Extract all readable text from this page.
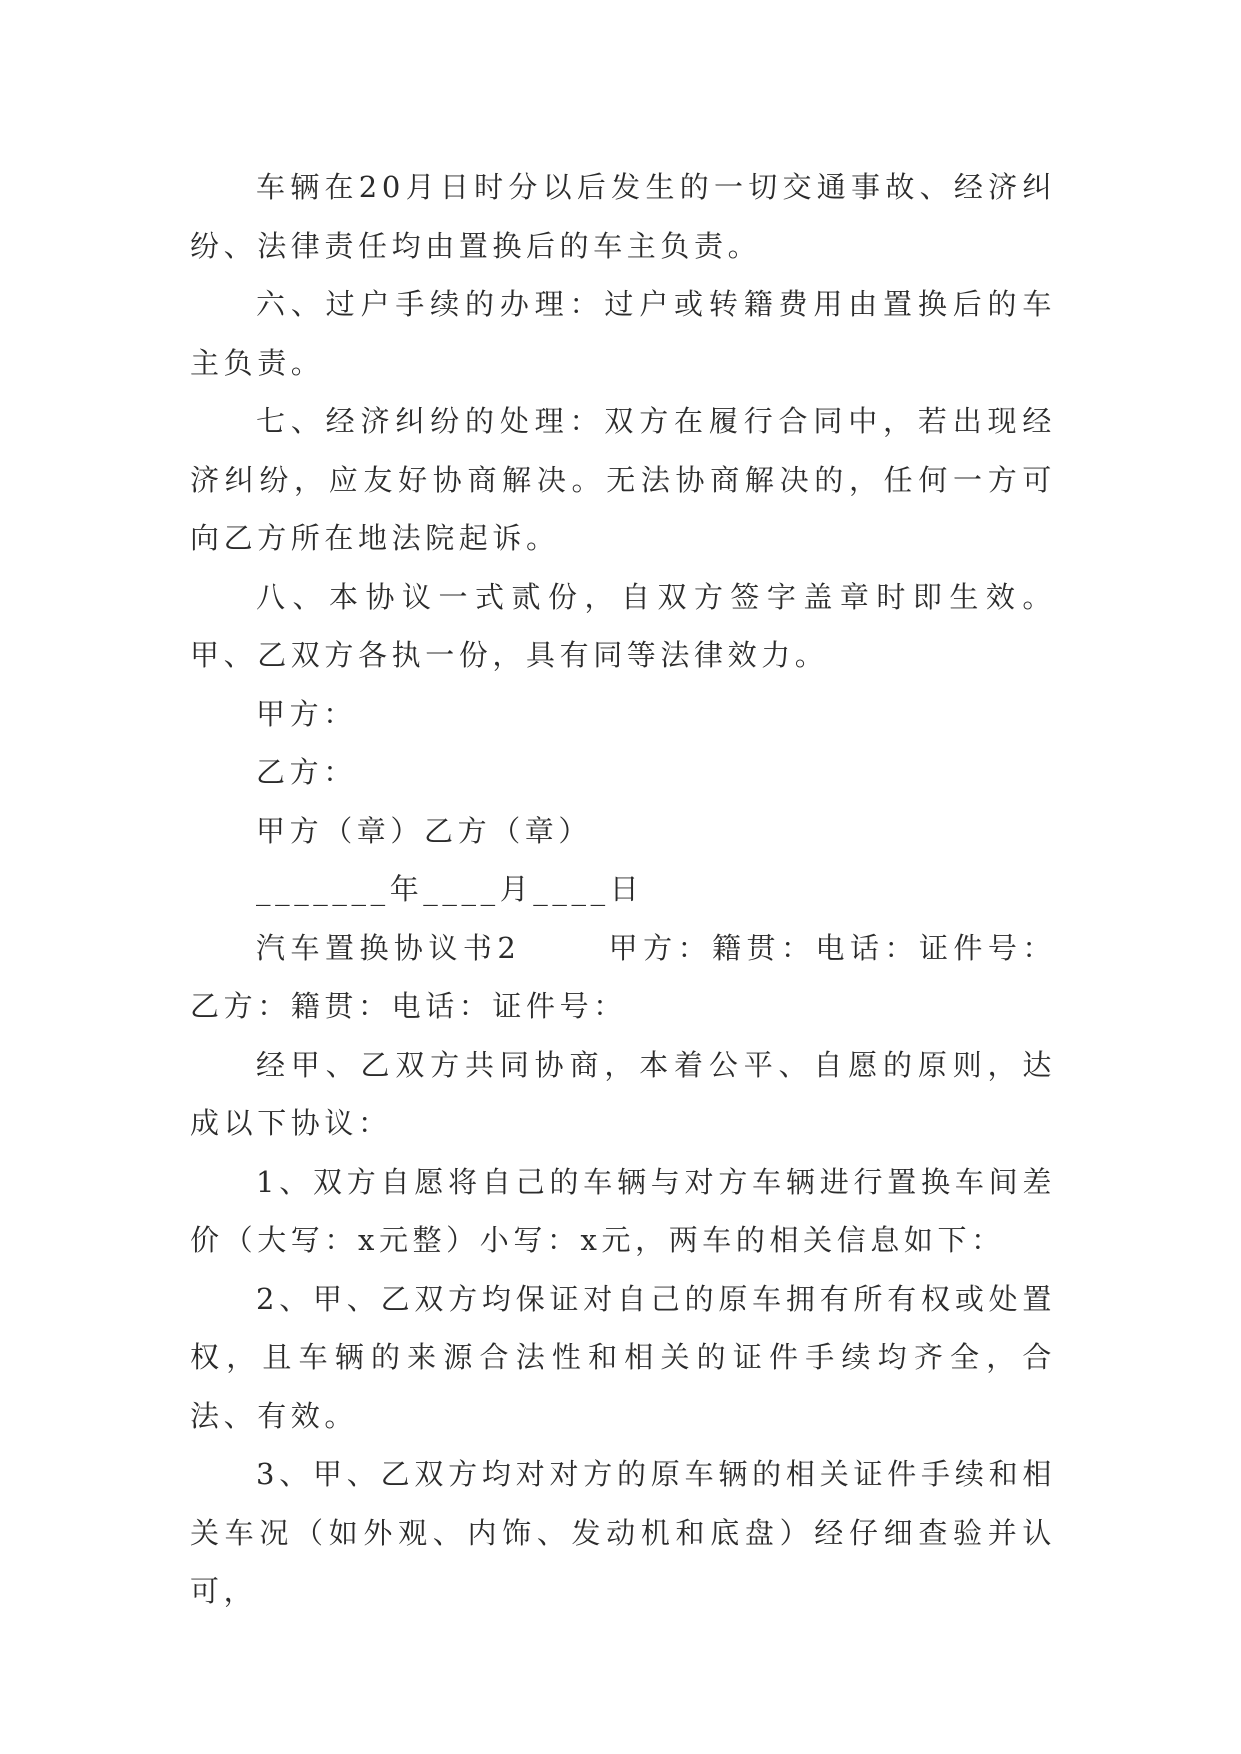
车辆在20月日时分以后发生的一切交通事故、经济纠纷、法律责任均由置换后的车主负责。

六、过户手续的办理：过户或转籍费用由置换后的车主负责。

七、经济纠纷的处理：双方在履行合同中，若出现经济纠纷，应友好协商解决。无法协商解决的，任何一方可向乙方所在地法院起诉。

八、本协议一式贰份，自双方签字盖章时即生效。甲、乙双方各执一份，具有同等法律效力。

甲方：

乙方：

甲方（章）乙方（章）

_______年____月____日

汽车置换协议书2      甲方：籍贯：电话：证件号：乙方：籍贯：电话：证件号：

经甲、乙双方共同协商，本着公平、自愿的原则，达成以下协议：

1、双方自愿将自己的车辆与对方车辆进行置换车间差价（大写：x元整）小写：x元，两车的相关信息如下：

2、甲、乙双方均保证对自己的原车拥有所有权或处置权，且车辆的来源合法性和相关的证件手续均齐全，合法、有效。

3、甲、乙双方均对对方的原车辆的相关证件手续和相关车况（如外观、内饰、发动机和底盘）经仔细查验并认可，
